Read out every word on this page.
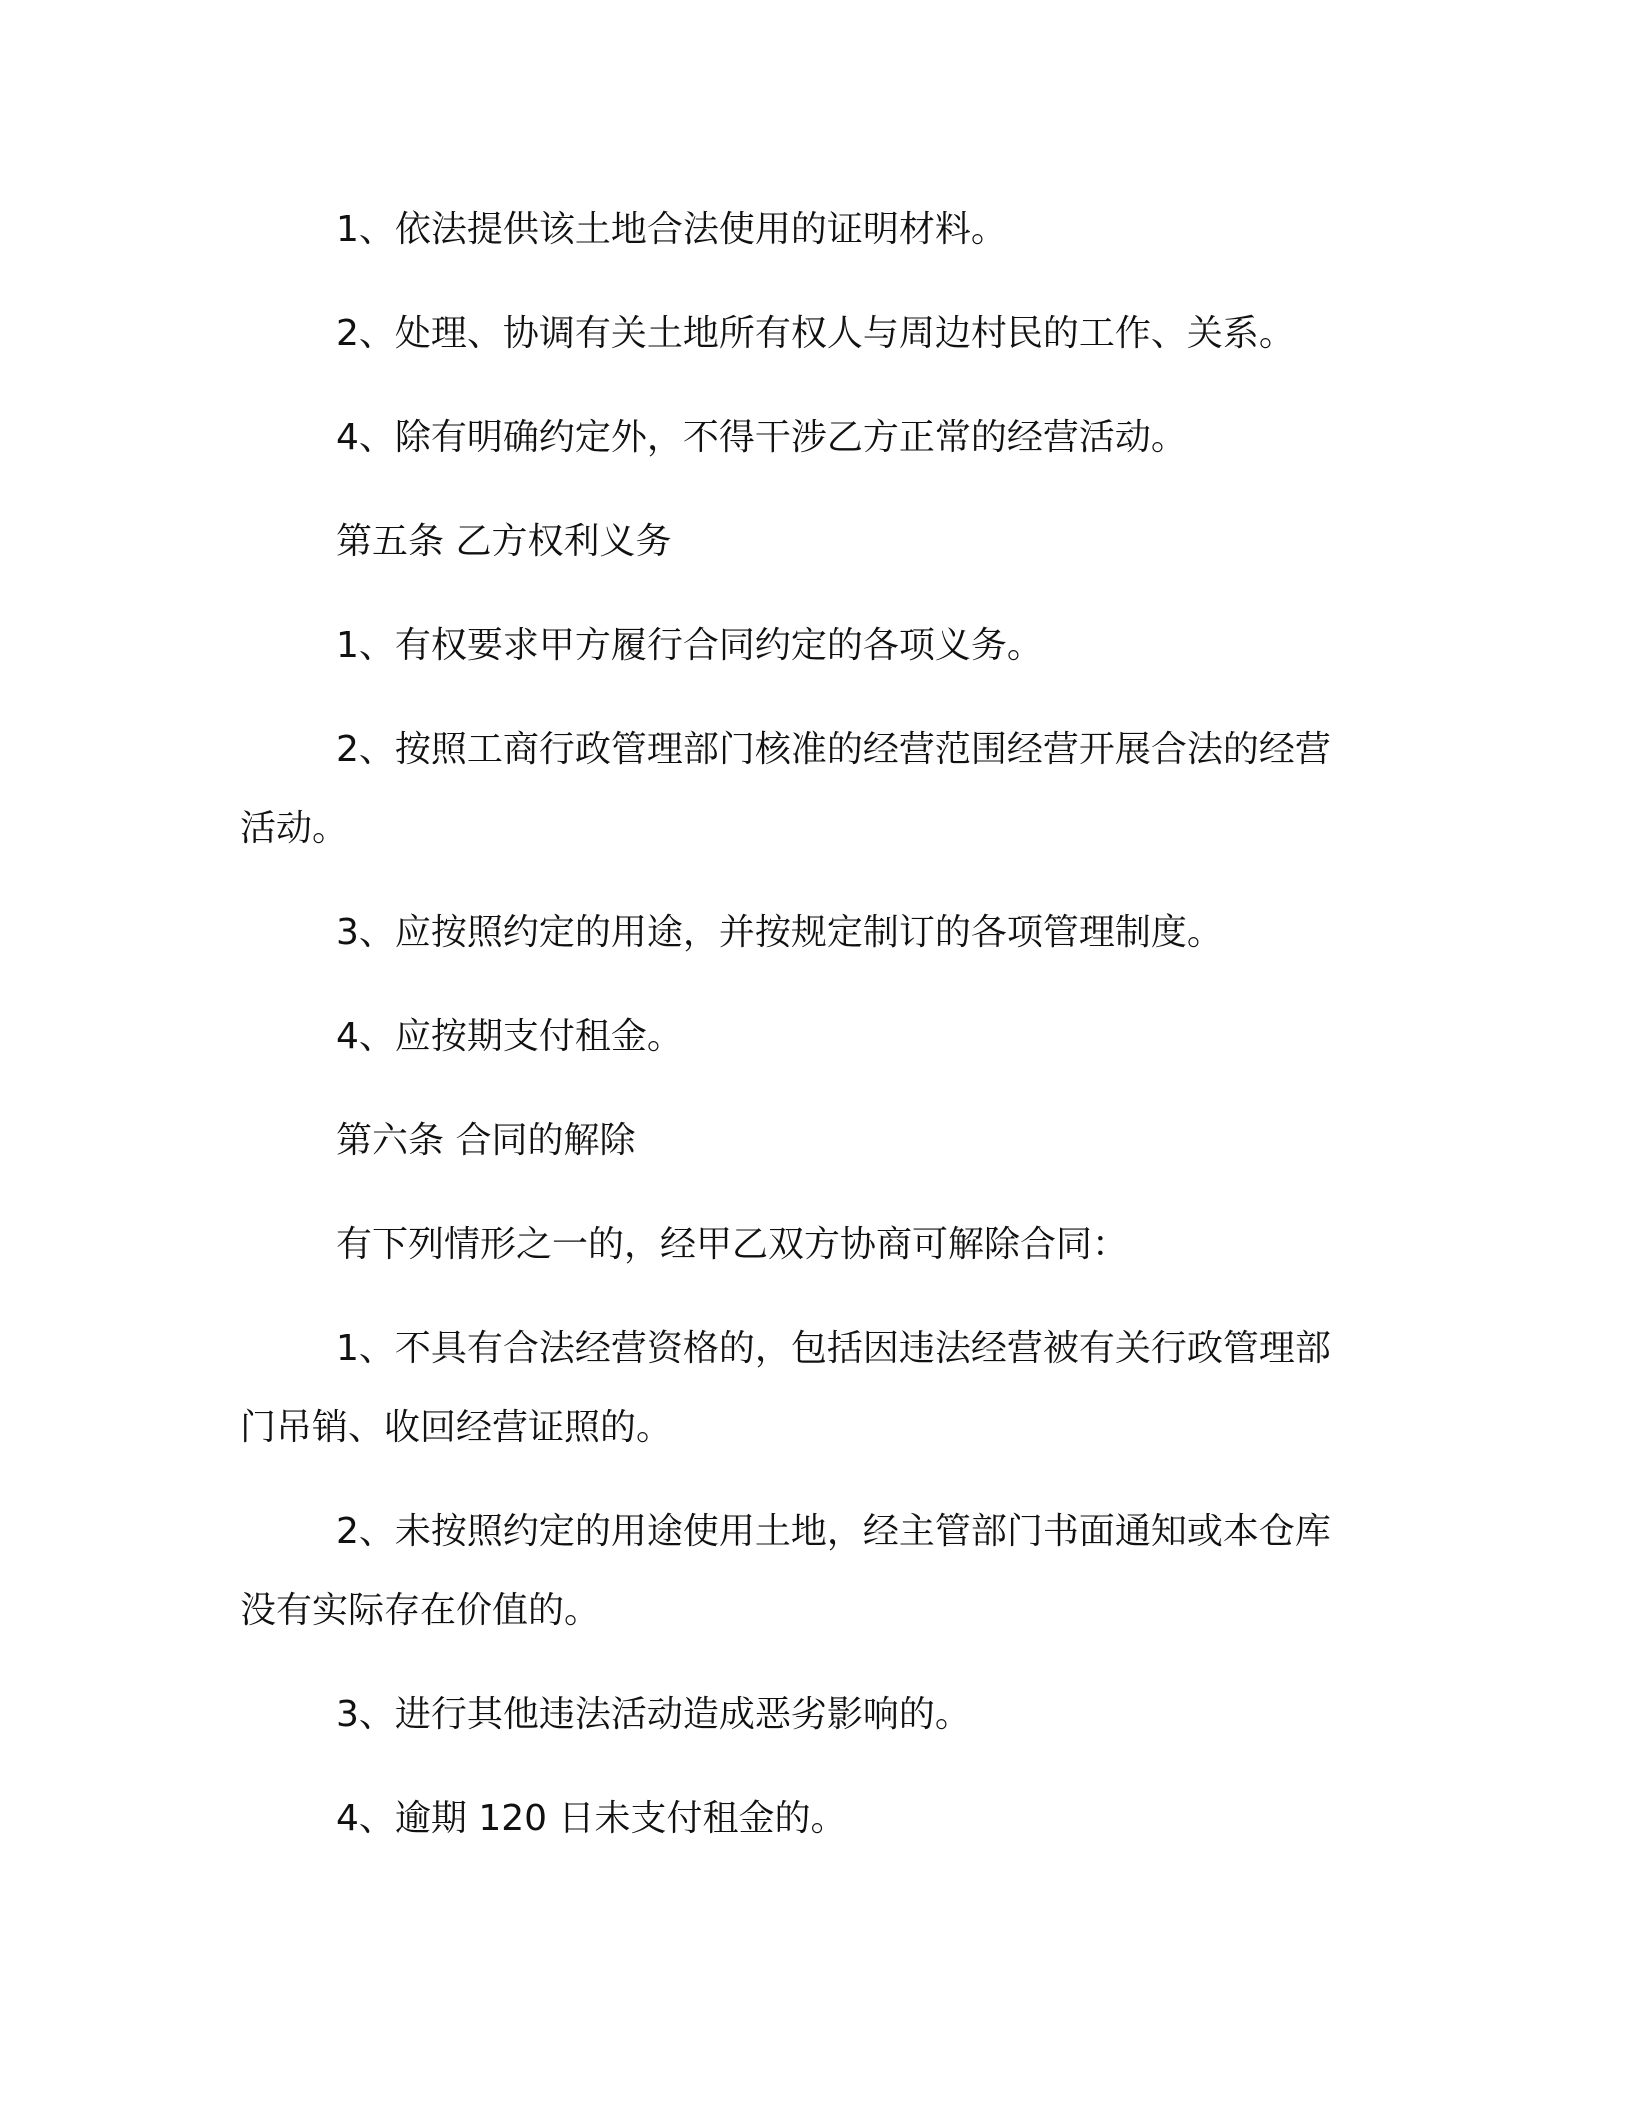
1、依法提供该土地合法使用的证明材料。

2、处理、协调有关土地所有权人与周边村民的工作、关系。

4、除有明确约定外，不得干涉乙方正常的经营活动。

第五条 乙方权利义务

1、有权要求甲方履行合同约定的各项义务。

2、按照工商行政管理部门核准的经营范围经营开展合法的经营活动。

3、应按照约定的用途，并按规定制订的各项管理制度。

4、应按期支付租金。

第六条 合同的解除

有下列情形之一的，经甲乙双方协商可解除合同：

1、不具有合法经营资格的，包括因违法经营被有关行政管理部门吊销、收回经营证照的。

2、未按照约定的用途使用土地，经主管部门书面通知或本仓库没有实际存在价值的。

3、进行其他违法活动造成恶劣影响的。

4、逾期 120 日未支付租金的。
